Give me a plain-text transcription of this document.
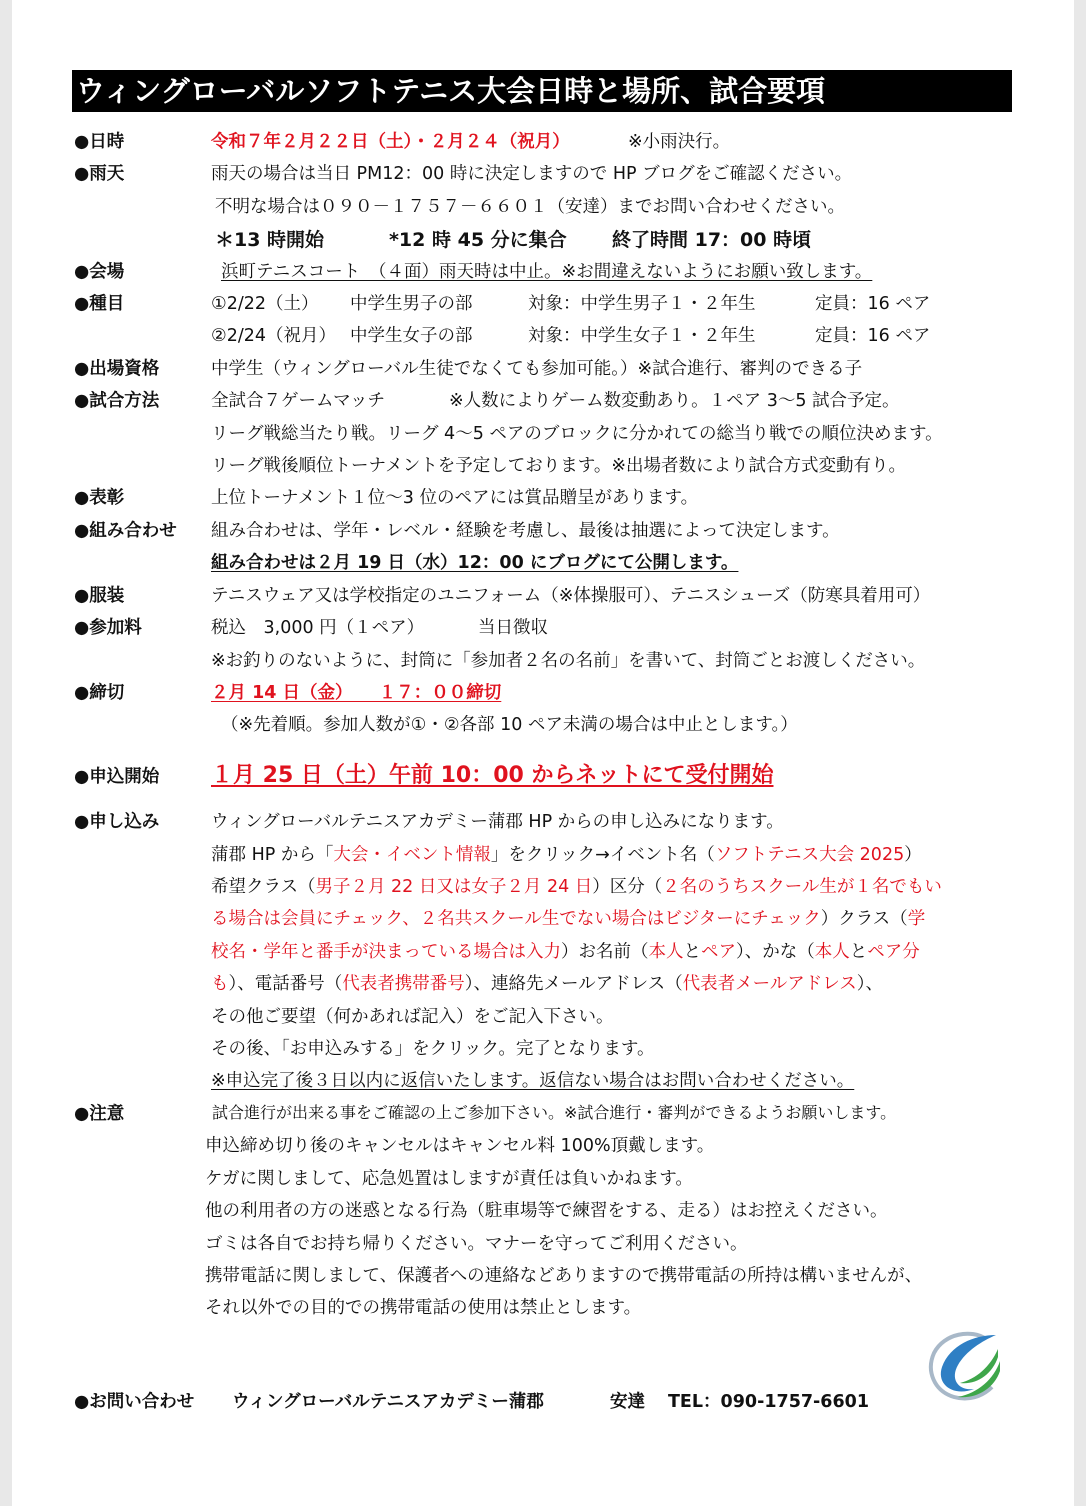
ウィングローバルソフトテニス大会日時と場所、試合要項
●日時	令和７年２月２２日（土）・２月２４（祝月）	※小雨決行。
●雨天	雨天の場合は当日 PM12：00 時に決定しますので HP ブログをご確認ください。
不明な場合は０９０－１７５７－６６０１（安達）までお問い合わせください。
＊13 時開始	*12 時 45 分に集合 終了時間 17：00 時頃
●会場	浜町テニスコート　（４面）雨天時は中止。※お間違えないようにお願い致します。
●種目	①2/22（土） 中学生男子の部	対象：中学生男子１・２年生	定員：16 ペア
②2/24（祝月） 中学生女子の部	対象：中学生女子１・２年生	定員：16 ペア
●出場資格	中学生（ウィングローバル生徒でなくても参加可能。）※試合進行、審判のできる子
●試合方法	全試合７ゲームマッチ	※人数によりゲーム数変動あり。１ペア 3～5 試合予定。
リーグ戦総当たり戦。リーグ 4～5 ペアのブロックに分かれての総当り戦での順位決めます。
リーグ戦後順位トーナメントを予定しております。※出場者数により試合方式変動有り。
●表彰	上位トーナメント１位～3 位のペアには賞品贈呈があります。
●組み合わせ 組み合わせは、学年・レベル・経験を考慮し、最後は抽選によって決定します。
組み合わせは２月 19 日（水）12：00 にブログにて公開します。
●服装	テニスウェア又は学校指定のユニフォーム（※体操服可）、テニスシューズ（防寒具着用可）
●参加料	税込　3,000 円（１ペア）	当日徴収
※お釣りのないように、封筒に「参加者２名の名前」を書いて、封筒ごとお渡しください。
●締切	２月 14 日（金）　　１７：００締切
（※先着順。参加人数が①・②各部 10 ペア未満の場合は中止とします。）
●申込開始 １月 25 日（土）午前 10：00 からネットにて受付開始
●申し込み	ウィングローバルテニスアカデミー蒲郡 HP からの申し込みになります。
蒲郡 HP から「大会・イベント情報」をクリック→イベント名（ソフトテニス大会 2025）
希望クラス（男子２月 22 日又は女子２月 24 日）区分（２名のうちスクール生が１名でもい
る場合は会員にチェック、２名共スクール生でない場合はビジターにチェック）クラス（学
校名・学年と番手が決まっている場合は入力）お名前（本人とペア）、かな（本人とペア分
も）、電話番号（代表者携帯番号）、連絡先メールアドレス（代表者メールアドレス）、
その他ご要望（何かあれば記入）をご記入下さい。
その後、「お申込みする」をクリック。完了となります。
※申込完了後３日以内に返信いたします。返信ない場合はお問い合わせください。
●注意	試合進行が出来る事をご確認の上ご参加下さい。※試合進行・審判ができるようお願いします。
申込締め切り後のキャンセルはキャンセル料 100%頂戴します。
ケガに関しまして、応急処置はしますが責任は負いかねます。
他の利用者の方の迷惑となる行為（駐車場等で練習をする、走る）はお控えください。
ゴミは各自でお持ち帰りください。マナーを守ってご利用ください。
携帯電話に関しまして、保護者への連絡などありますので携帯電話の所持は構いませんが、
それ以外での目的での携帯電話の使用は禁止とします。
●お問い合わせ ウィングローバルテニスアカデミー蒲郡	安達 TEL：090-1757-6601
